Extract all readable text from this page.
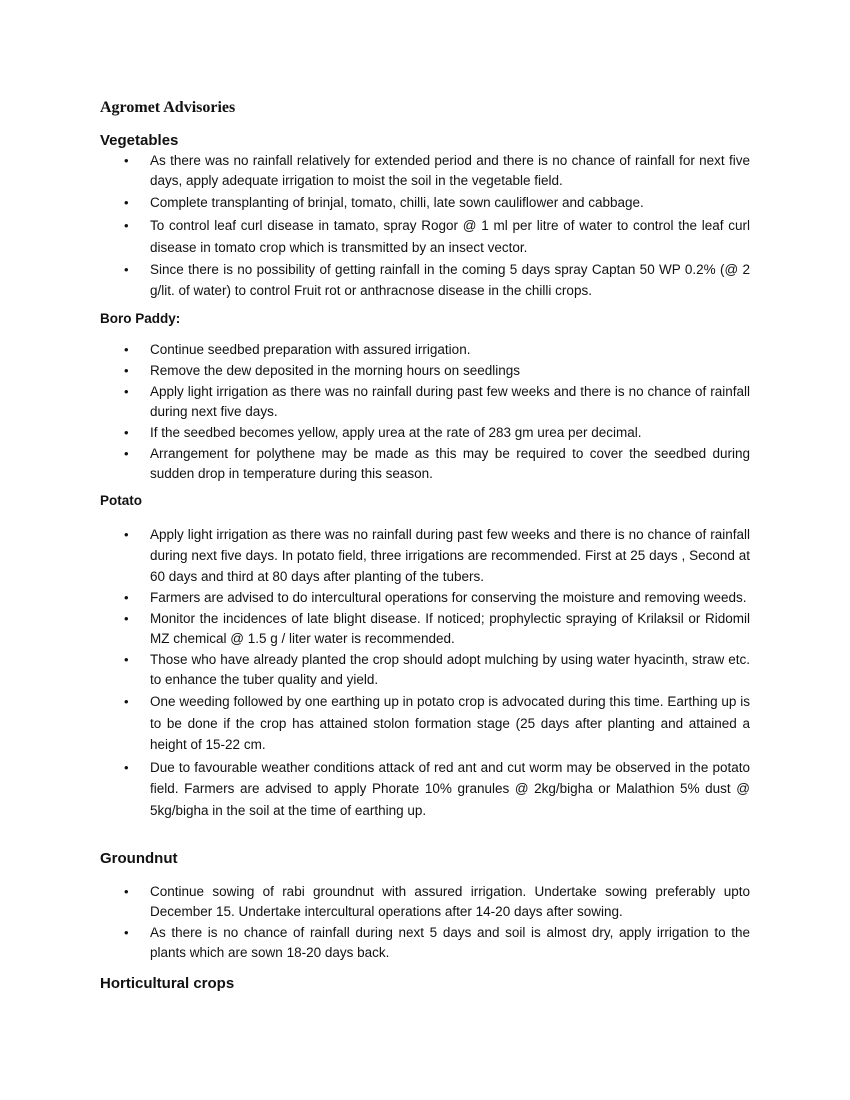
Agromet Advisories
Vegetables
• As there was no rainfall relatively for extended period and there is no chance of rainfall for next five days, apply adequate irrigation to moist the soil in the vegetable field.
• Complete transplanting of brinjal, tomato, chilli, late sown cauliflower and cabbage.
• To control leaf curl disease in tamato, spray Rogor @ 1 ml per litre of water to control the leaf curl disease in tomato crop which is transmitted by an insect vector.
• Since there is no possibility of getting rainfall in the coming 5 days spray Captan 50 WP 0.2% (@ 2 g/lit. of water) to control Fruit rot or anthracnose disease in the chilli crops.
Boro Paddy:
• Continue seedbed preparation with assured irrigation.
• Remove the dew deposited in the morning hours on seedlings
• Apply light irrigation as there was no rainfall during past few weeks and there is no chance of rainfall during next five days.
• If the seedbed becomes yellow, apply urea at the rate of 283 gm urea per decimal.
• Arrangement for polythene may be made as this may be required to cover the seedbed during sudden drop in temperature during this season.
Potato
• Apply light irrigation as there was no rainfall during past few weeks and there is no chance of rainfall during next five days. In potato field, three irrigations are recommended. First at 25 days , Second at 60 days and third at 80 days after planting of the tubers.
• Farmers are advised to do intercultural operations for conserving the moisture and removing weeds.
• Monitor the incidences of late blight disease. If noticed; prophylectic spraying of Krilaksil or Ridomil MZ chemical @ 1.5 g / liter water is recommended.
• Those who have already planted the crop should adopt mulching by using water hyacinth, straw etc. to enhance the tuber quality and yield.
• One weeding followed by one earthing up in potato crop is advocated during this time. Earthing up is to be done if the crop has attained stolon formation stage (25 days after planting and attained a height of 15-22 cm.
• Due to favourable weather conditions attack of red ant and cut worm may be observed in the potato field. Farmers are advised to apply Phorate 10% granules @ 2kg/bigha or Malathion 5% dust @ 5kg/bigha in the soil at the time of earthing up.
Groundnut
• Continue sowing of rabi groundnut with assured irrigation. Undertake sowing preferably upto December 15. Undertake intercultural operations after 14-20 days after sowing.
• As there is no chance of rainfall during next 5 days and soil is almost dry, apply irrigation to the plants which are sown 18-20 days back.
Horticultural crops
